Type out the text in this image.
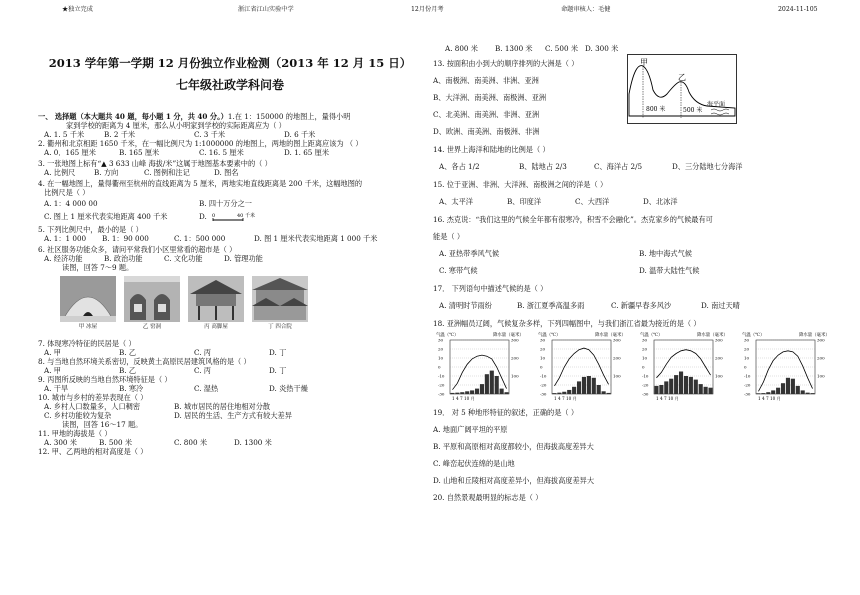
★独立完成	浙江省江山实验中学	12月份月考	命题审核人：毛健	2024-11-105
2013 学年第一学期 12 月份独立作业检测（2013 年 12 月 15 日）
七年级社政学科问卷

一、 选择题（本大题共 40 题，每小题 1 分，共 40 分。）1.在 1：150000 的地图上，量得小明

家到学校的距离为 4 厘米，那么从小明家到学校的实际距离应为（ ）

A. 1. 5 千米	B. 2 千米	C. 3 千米	D. 6 千米

2. 衢州和北京相距 1650 千米，在一幅比例尺为 1:1000000 的地图上，两地的图上距离应该为 （ ）

A. 0．165 厘米	B. 165 厘米	C. 16. 5 厘米	D. 1. 65 厘米

3. 一张地图上标有“▲ 3 633 山峰 海拔/米”这属于地图基本要素中的（ ）

A. 比例尺	B. 方向	C. 图例和注记	D. 图名

4. 在一幅地图上，量得衢州至杭州的直线距离为 5 厘米，两地实地直线距离是 200 千米，这幅地图的

比例尺是（ ）

A. 1：4 000 00	B. 四十万分之一
C. 图上 1 厘米代表实地距离 400 千米	D. 0	40 千米

5. 下列比例尺中，最小的是（ ）

A. 1：1 000	B. 1：90 000	C. 1：500 000	D. 图 1 厘米代表实地距离 1 000 千米

6. 社区服务功能众多，请问平常我们小区里常看的超市是（ ）

A. 经济功能	B. 政治功能	C. 文化功能	D. 管理功能

读图，回答 7～9 题。

甲 冰屋	乙 窑洞	丙 高脚屋	丁 四合院

7. 体现寒冷特征的民居是（ ）

A. 甲	B. 乙	C. 丙	D. 丁

8. 与当地自然环境关系密切，反映黄土高原民居建筑风格的是（ ）

A. 甲	B. 乙	C. 丙	D. 丁

9. 丙图所反映的当地自然环境特征是（ ）

A. 干旱	B. 寒冷	C. 湿热	D. 炎热干燥

10. 城市与乡村的差异表现在（ ）

A. 乡村人口数量多，人口稠密	B. 城市居民的居住地相对分散
C. 乡村功能较为复杂	D. 居民的生活、生产方式有较大差异

读图，回答 16～17 题。

11. 甲地的海拔是（ ）

A. 300 米	B. 500 米	C. 800 米	D. 1300 米

12. 甲、乙两地的相对高度是（ ）

A. 800 米	B. 1300 米	C. 500 米 D. 300 米

13. 按面积由小到大的顺序排列的大洲是（ ）

A、南极洲、南美洲、非洲、亚洲

B、大洋洲、南美洲、南极洲、亚洲

C、北美洲、南美洲、非洲、亚洲

D、欧洲、南美洲、南极洲、非洲

14. 世界上海洋和陆地的比例是（ ）

A、各占 1/2	B、陆地占 2/3	C、海洋占 2/5	D、三分陆地七分海洋

15. 位于亚洲、非洲、大洋洲、南极洲之间的洋是（ ）

A、太平洋	B、印度洋	C、大西洋	D、北冰洋

16. 杰克说：“我们这里的气候全年都有很寒冷，积雪不会融化”。杰克家乡的气候最有可

能是（ ）

A. 亚热带季风气候	B. 地中海式气候
C. 寒带气候	D. 温带大陆性气候

17． 下列语句中描述气候的是（ ）

A. 清明时节雨纷	B. 浙江夏季高温多雨	C. 新疆早春多风沙	D. 南过天晴

18. 亚洲幅员辽阔，气候复杂多样，下列四幅图中，与我们浙江省最为接近的是（ ）

气温（℃）	降水量（毫米）
30
20
10
0
-10
-20
-30
300
200
100
1 4 7 10 月
气温（℃）	降水量（毫米）
30
20
10
0
-10
-20
-30
300
200
100
1 4 7 10 月
气温（℃）	降水量（毫米）
30
20
10
0
-10
-20
-30
300
200
100
1 4 7 10 月
气温（℃）	降水量（毫米）
30
20
10
0
-10
-20
-30
300
200
100
1 4 7 10 月

19． 对 5 种地形特征的叙述，正确的是（ ）

A. 地面广阔平坦的平原

B. 平原和高原相对高度都较小，但海拔高度差异大

C. 峰峦起伏连绵的是山地

D. 山地和丘陵相对高度差异小，但海拔高度差异大

20. 自然景观最明显的标志是（ ）

甲
乙
800 米	500 米
海平面
